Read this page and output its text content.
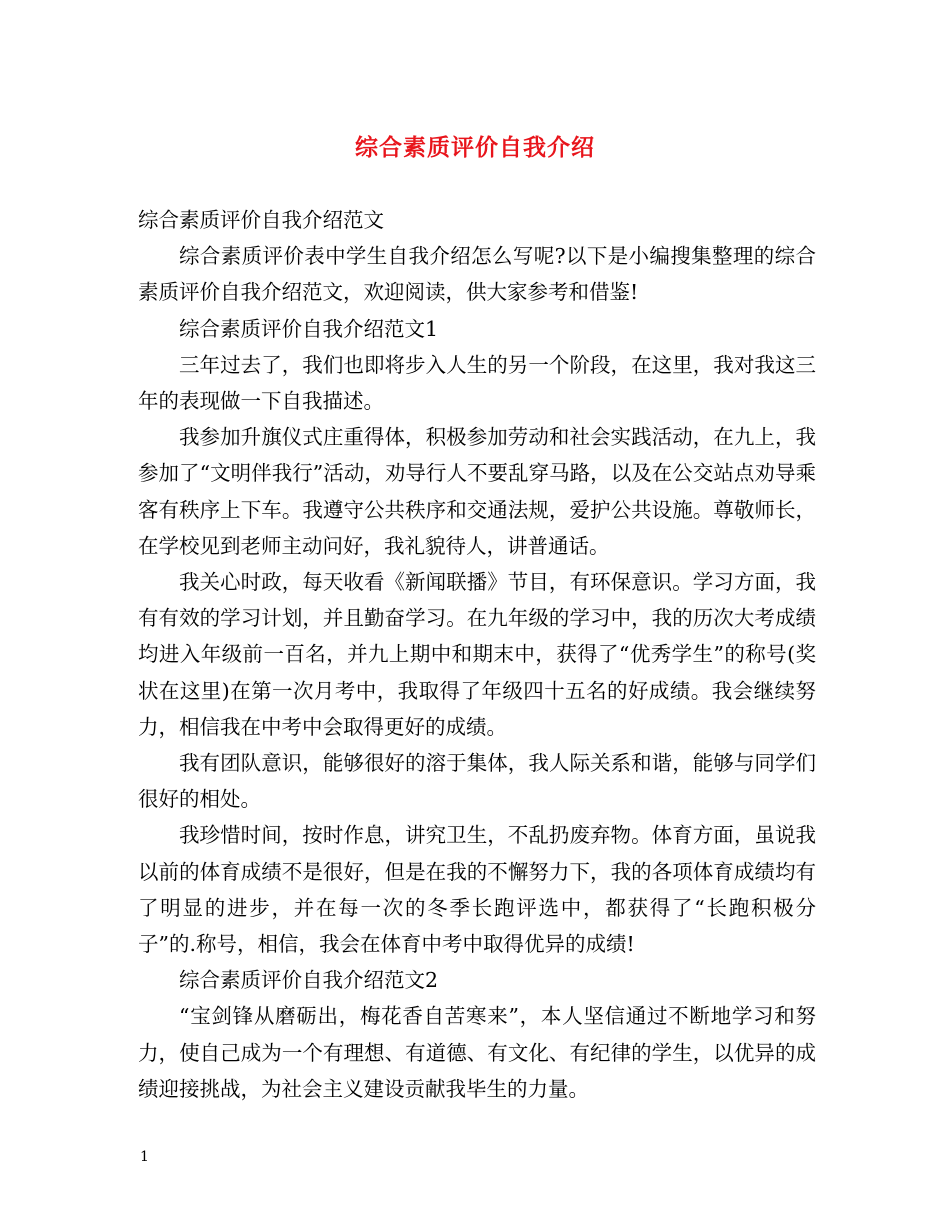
综合素质评价自我介绍

综合素质评价自我介绍范文

综合素质评价表中学生自我介绍怎么写呢?以下是小编搜集整理的综合素质评价自我介绍范文，欢迎阅读，供大家参考和借鉴!

综合素质评价自我介绍范文1

三年过去了，我们也即将步入人生的另一个阶段，在这里，我对我这三年的表现做一下自我描述。

我参加升旗仪式庄重得体，积极参加劳动和社会实践活动，在九上，我参加了“文明伴我行”活动，劝导行人不要乱穿马路，以及在公交站点劝导乘客有秩序上下车。我遵守公共秩序和交通法规，爱护公共设施。尊敬师长，在学校见到老师主动问好，我礼貌待人，讲普通话。

我关心时政，每天收看《新闻联播》节目，有环保意识。学习方面，我有有效的学习计划，并且勤奋学习。在九年级的学习中，我的历次大考成绩均进入年级前一百名，并九上期中和期末中，获得了“优秀学生”的称号(奖状在这里)在第一次月考中，我取得了年级四十五名的好成绩。我会继续努力，相信我在中考中会取得更好的成绩。

我有团队意识，能够很好的溶于集体，我人际关系和谐，能够与同学们很好的相处。

我珍惜时间，按时作息，讲究卫生，不乱扔废弃物。体育方面，虽说我以前的体育成绩不是很好，但是在我的不懈努力下，我的各项体育成绩均有了明显的进步，并在每一次的冬季长跑评选中，都获得了“长跑积极分子”的.称号，相信，我会在体育中考中取得优异的成绩!

综合素质评价自我介绍范文2

“宝剑锋从磨砺出，梅花香自苦寒来”，本人坚信通过不断地学习和努力，使自己成为一个有理想、有道德、有文化、有纪律的学生，以优异的成绩迎接挑战，为社会主义建设贡献我毕生的力量。

1
